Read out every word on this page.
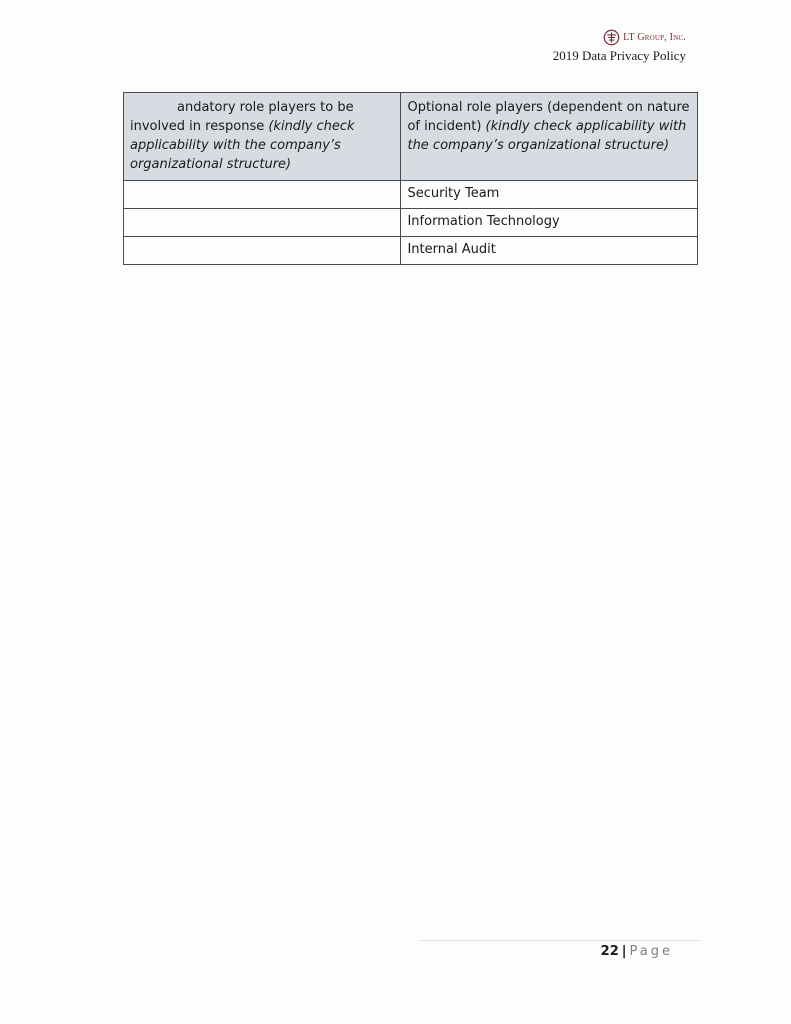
LT Group, Inc.
2019 Data Privacy Policy
andatory role players to be involved in response (kindly check applicability with the company’s organizational structure)	Optional role players (dependent on nature of incident) (kindly check applicability with the company’s organizational structure)
	Security Team
	Information Technology
	Internal Audit
22 | Page
